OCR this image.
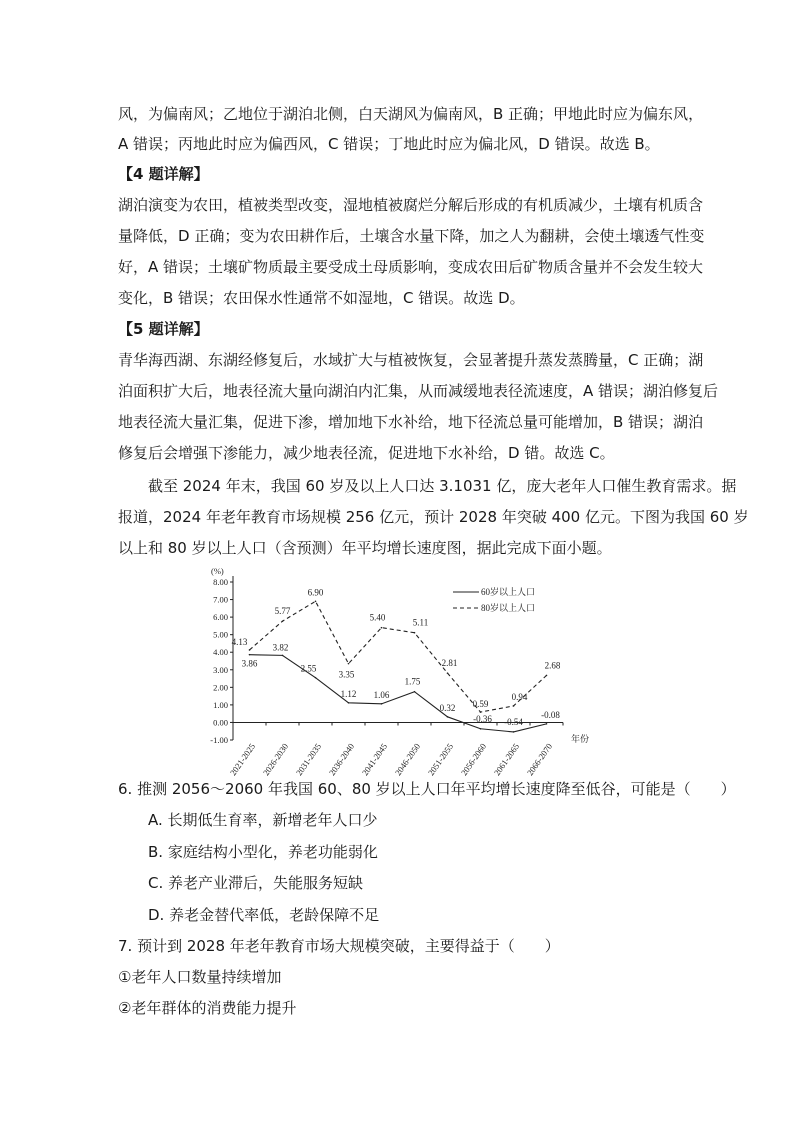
风，为偏南风；乙地位于湖泊北侧，白天湖风为偏南风，B 正确；甲地此时应为偏东风，
A 错误；丙地此时应为偏西风，C 错误；丁地此时应为偏北风，D 错误。故选 B。
【4 题详解】
湖泊演变为农田，植被类型改变，湿地植被腐烂分解后形成的有机质减少，土壤有机质含
量降低，D 正确；变为农田耕作后，土壤含水量下降，加之人为翻耕，会使土壤透气性变
好，A 错误；土壤矿物质最主要受成土母质影响，变成农田后矿物质含量并不会发生较大
变化，B 错误；农田保水性通常不如湿地，C 错误。故选 D。
【5 题详解】
青华海西湖、东湖经修复后，水域扩大与植被恢复，会显著提升蒸发蒸腾量，C 正确；湖
泊面积扩大后，地表径流大量向湖泊内汇集，从而减缓地表径流速度，A 错误；湖泊修复后
地表径流大量汇集，促进下渗，增加地下水补给，地下径流总量可能增加，B 错误；湖泊
修复后会增强下渗能力，减少地表径流，促进地下水补给，D 错。故选 C。
截至 2024 年末，我国 60 岁及以上人口达 3.1031 亿，庞大老年人口催生教育需求。据
报道，2024 年老年教育市场规模 256 亿元，预计 2028 年突破 400 亿元。下图为我国 60 岁
以上和 80 岁以上人口（含预测）年平均增长速度图，据此完成下面小题。
8.00
7.00
6.00
5.00
4.00
3.00
2.00
1.00
0.00
-1.00
(%)
2021-2025 2026-2030 2031-2035 2036-2040 2041-2045 2046-2050 2051-2055 2056-2060 2061-2065 2066-2070
年份
3.86
3.82
2.55
1.12 1.06
1.75
0.32
-0.36 -0.54
-0.08
4.13
5.77
6.90
3.35
5.40
5.11
2.81
0.59
0.94
2.68
60岁以上人口
80岁以上人口
6. 推测 2056～2060 年我国 60、80 岁以上人口年平均增长速度降至低谷，可能是（　　）
A. 长期低生育率，新增老年人口少
B. 家庭结构小型化，养老功能弱化
C. 养老产业滞后，失能服务短缺
D. 养老金替代率低，老龄保障不足
7. 预计到 2028 年老年教育市场大规模突破，主要得益于（　　）
①老年人口数量持续增加
②老年群体的消费能力提升
